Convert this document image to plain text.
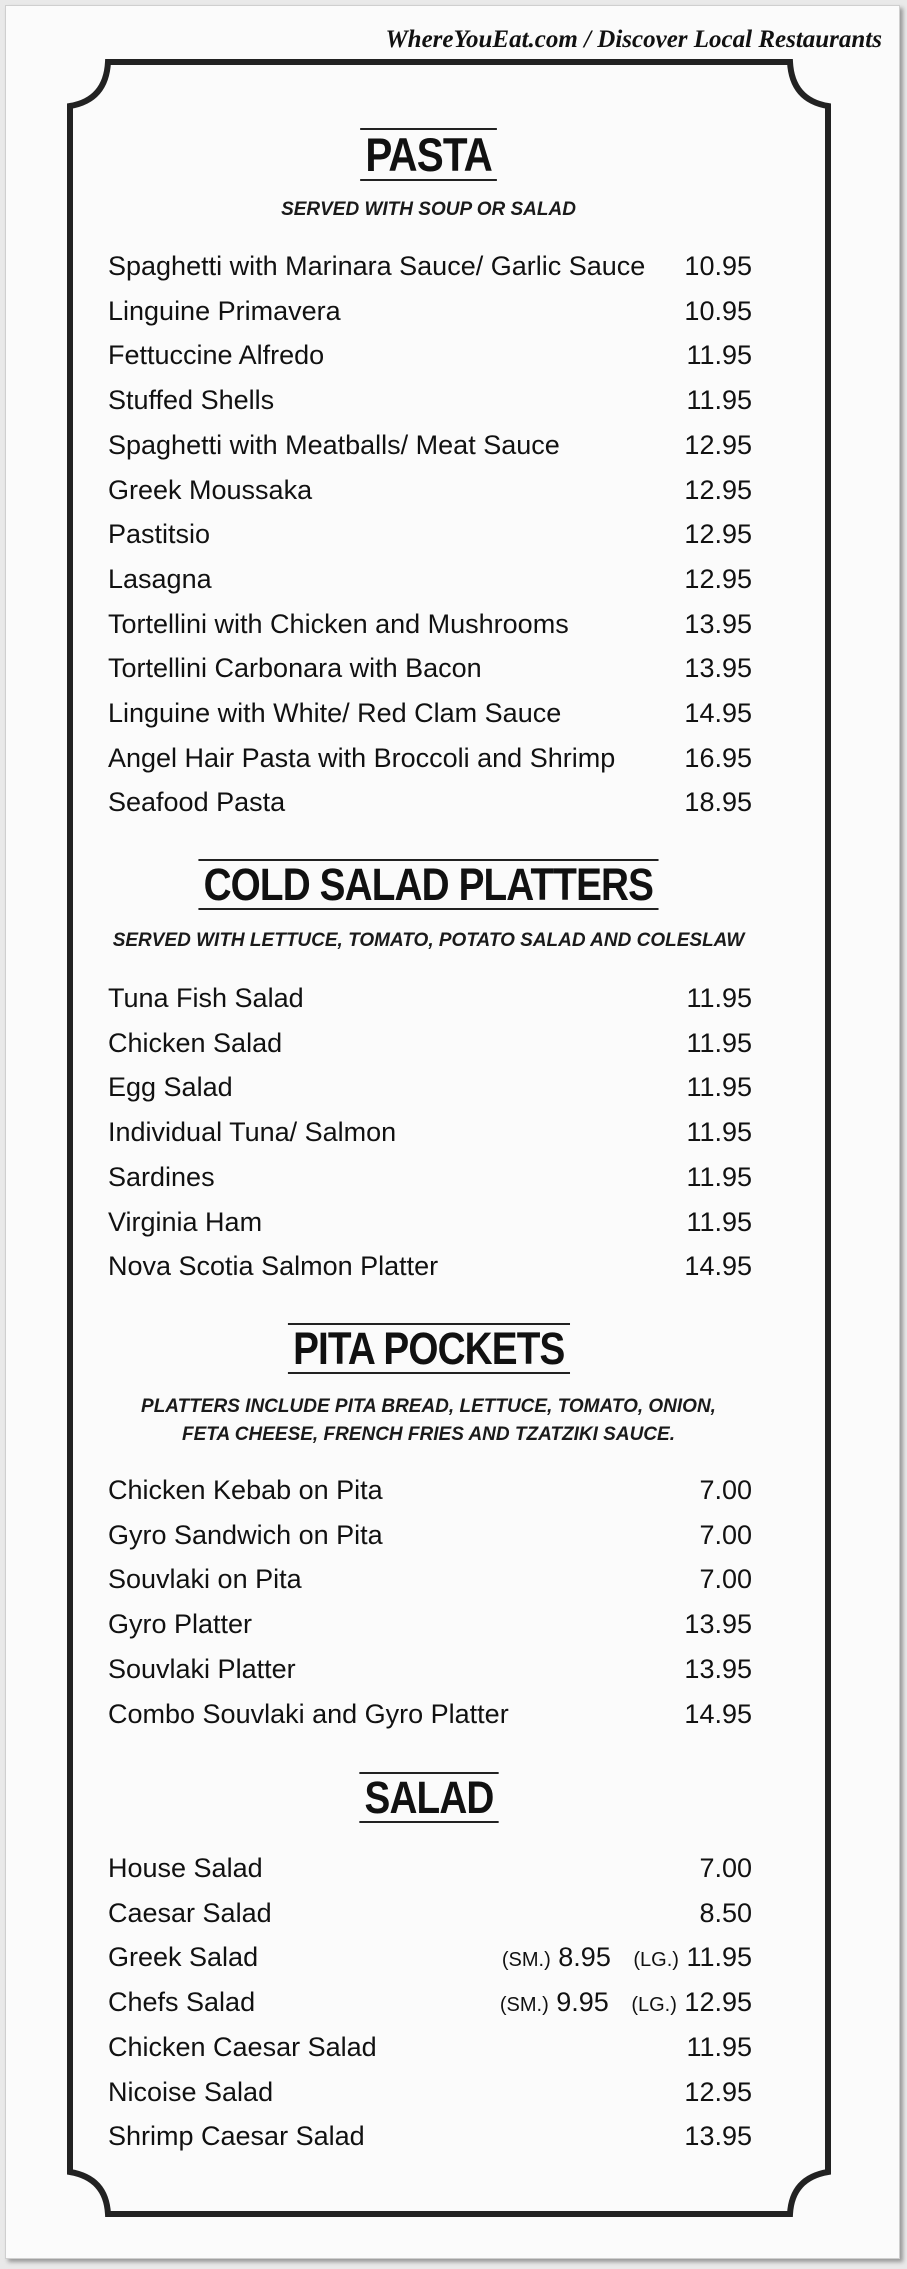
WhereYouEat.com / Discover Local Restaurants
PASTA
SERVED WITH SOUP OR SALAD
Spaghetti with Marinara Sauce/ Garlic Sauce 10.95
Linguine Primavera	10.95
Fettuccine Alfredo	11.95
Stuffed Shells	11.95
Spaghetti with Meatballs/ Meat Sauce	12.95
Greek Moussaka	12.95
Pastitsio	12.95
Lasagna	12.95
Tortellini with Chicken and Mushrooms	13.95
Tortellini Carbonara with Bacon	13.95
Linguine with White/ Red Clam Sauce	14.95
Angel Hair Pasta with Broccoli and Shrimp	16.95
Seafood Pasta	18.95
COLD SALAD PLATTERS
SERVED WITH LETTUCE, TOMATO, POTATO SALAD AND COLESLAW
Tuna Fish Salad	11.95
Chicken Salad	11.95
Egg Salad	11.95
Individual Tuna/ Salmon	11.95
Sardines	11.95
Virginia Ham	11.95
Nova Scotia Salmon Platter	14.95
PITA POCKETS
PLATTERS INCLUDE PITA BREAD, LETTUCE, TOMATO, ONION,
FETA CHEESE, FRENCH FRIES AND TZATZIKI SAUCE.
Chicken Kebab on Pita	7.00
Gyro Sandwich on Pita	7.00
Souvlaki on Pita	7.00
Gyro Platter	13.95
Souvlaki Platter	13.95
Combo Souvlaki and Gyro Platter	14.95
SALAD
House Salad	7.00
Caesar Salad	8.50
Greek Salad	(SM.) 8.95 (LG.) 11.95
Chefs Salad	(SM.) 9.95 (LG.) 12.95
Chicken Caesar Salad	11.95
Nicoise Salad	12.95
Shrimp Caesar Salad	13.95
